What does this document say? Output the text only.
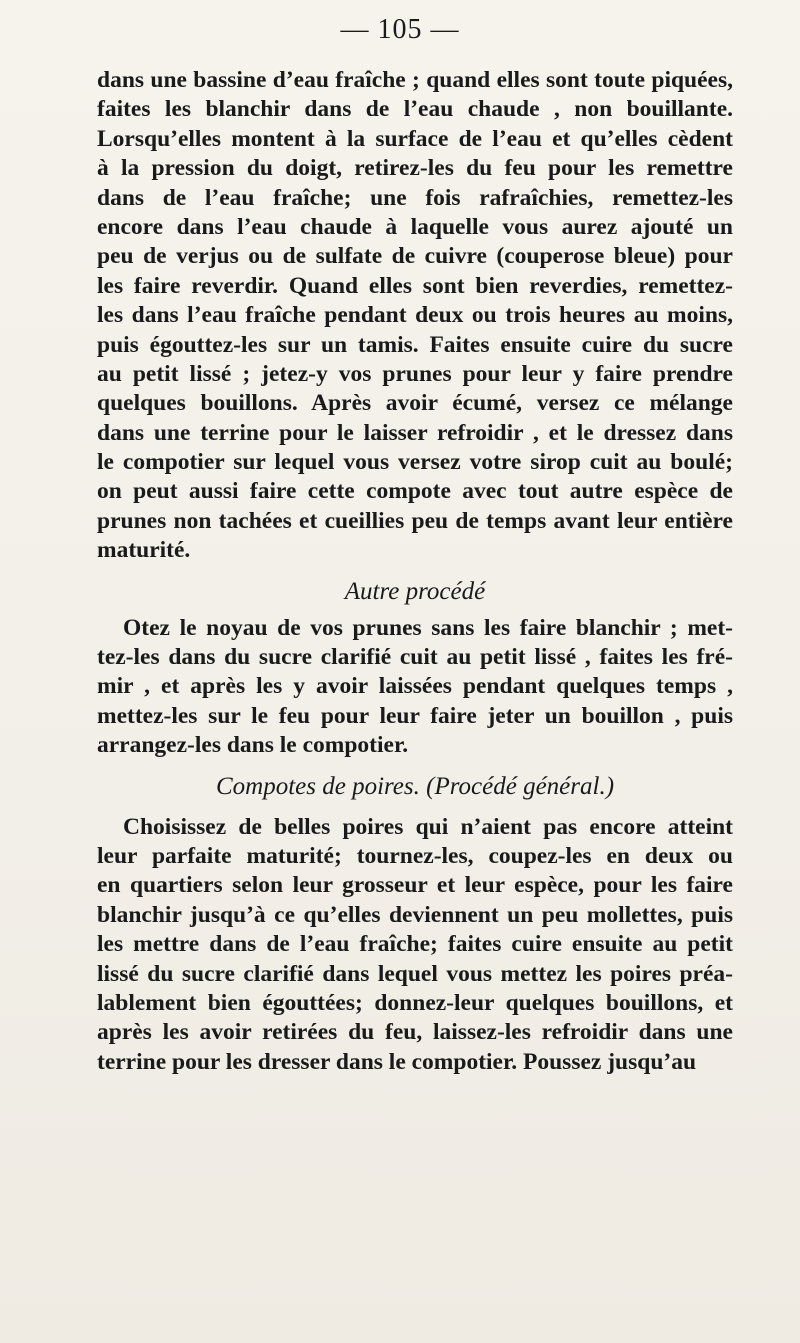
— 105 —
dans une bassine d’eau fraîche ; quand elles sont toute piquées,
faites les blanchir dans de l’eau chaude , non bouillante.
Lorsqu’elles montent à la surface de l’eau et qu’elles cèdent
à la pression du doigt, retirez-les du feu pour les remettre
dans de l’eau fraîche; une fois rafraîchies, remettez-les
encore dans l’eau chaude à laquelle vous aurez ajouté un
peu de verjus ou de sulfate de cuivre (couperose bleue) pour
les faire reverdir. Quand elles sont bien reverdies, remettez-
les dans l’eau fraîche pendant deux ou trois heures au moins,
puis égouttez-les sur un tamis. Faites ensuite cuire du sucre
au petit lissé ; jetez-y vos prunes pour leur y faire prendre
quelques bouillons. Après avoir écumé, versez ce mélange
dans une terrine pour le laisser refroidir , et le dressez dans
le compotier sur lequel vous versez votre sirop cuit au boulé;
on peut aussi faire cette compote avec tout autre espèce de
prunes non tachées et cueillies peu de temps avant leur entière
maturité.
Autre procédé
Otez le noyau de vos prunes sans les faire blanchir ; met-
tez-les dans du sucre clarifié cuit au petit lissé , faites les fré-
mir , et après les y avoir laissées pendant quelques temps ,
mettez-les sur le feu pour leur faire jeter un bouillon , puis
arrangez-les dans le compotier.
Compotes de poires. (Procédé général.)
Choisissez de belles poires qui n’aient pas encore atteint
leur parfaite maturité; tournez-les, coupez-les en deux ou
en quartiers selon leur grosseur et leur espèce, pour les faire
blanchir jusqu’à ce qu’elles deviennent un peu mollettes, puis
les mettre dans de l’eau fraîche; faites cuire ensuite au petit
lissé du sucre clarifié dans lequel vous mettez les poires préa-
lablement bien égouttées; donnez-leur quelques bouillons, et
après les avoir retirées du feu, laissez-les refroidir dans une
terrine pour les dresser dans le compotier. Poussez jusqu’au
